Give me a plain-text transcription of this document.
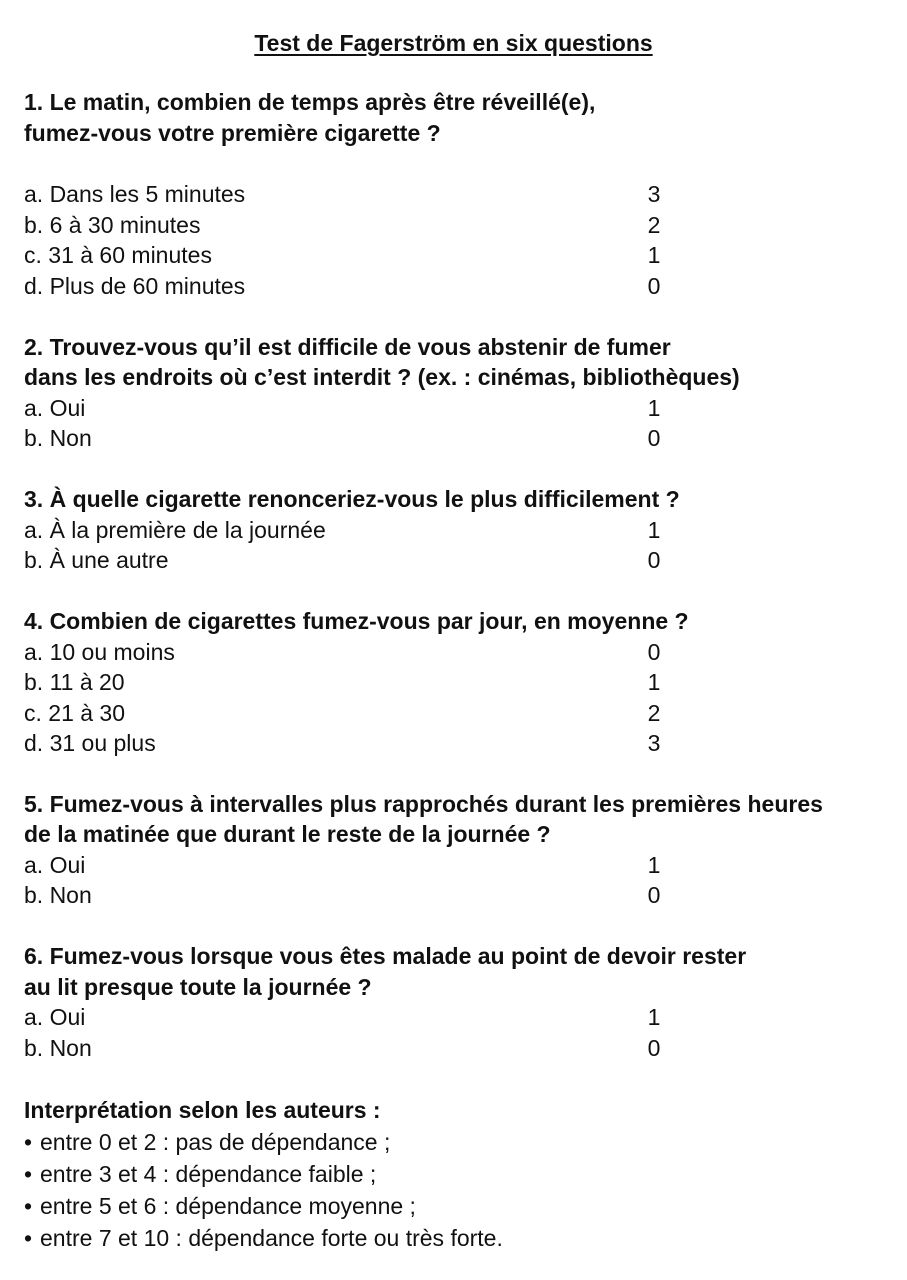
Test de Fagerström en six questions
1. Le matin, combien de temps après être réveillé(e),
fumez-vous votre première cigarette ?
a. Dans les 5 minutes	3
b. 6 à 30 minutes	2
c. 31 à 60 minutes	1
d. Plus de 60 minutes	0
2. Trouvez-vous qu’il est difficile de vous abstenir de fumer
dans les endroits où c’est interdit ? (ex. : cinémas, bibliothèques)
a. Oui	1
b. Non	0
3. À quelle cigarette renonceriez-vous le plus difficilement ?
a. À la première de la journée	1
b. À une autre	0
4. Combien de cigarettes fumez-vous par jour, en moyenne ?
a. 10 ou moins	0
b. 11 à 20	1
c. 21 à 30	2
d. 31 ou plus	3
5. Fumez-vous à intervalles plus rapprochés durant les premières heures
de la matinée que durant le reste de la journée ?
a. Oui	1
b. Non	0
6. Fumez-vous lorsque vous êtes malade au point de devoir rester
au lit presque toute la journée ?
a. Oui	1
b. Non	0
Interprétation selon les auteurs :
• entre 0 et 2 : pas de dépendance ;
• entre 3 et 4 : dépendance faible ;
• entre 5 et 6 : dépendance moyenne ;
• entre 7 et 10 : dépendance forte ou très forte.
